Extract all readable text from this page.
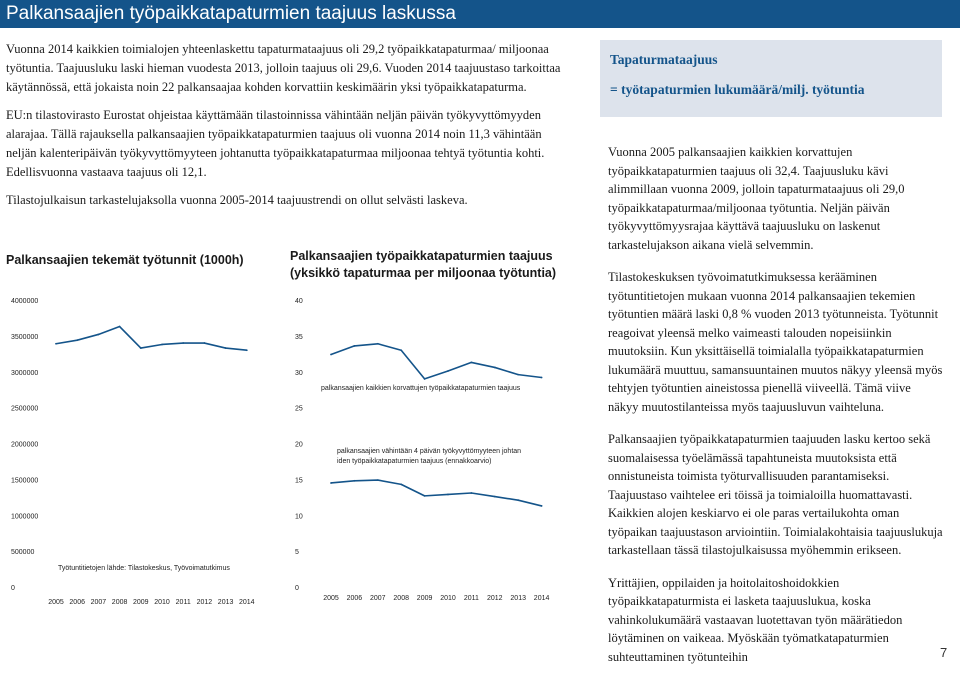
Palkansaajien työpaikkatapaturmien taajuus laskussa

Vuonna 2014 kaikkien toimialojen yhteenlaskettu tapaturmataajuus oli 29,2 työpaikkatapaturmaa/ miljoonaa työtuntia. Taajuusluku laski hieman vuodesta 2013, jolloin taajuus oli 29,6. Vuoden 2014 taajuustaso tarkoittaa käytännössä, että jokaista noin 22 palkansaajaa kohden korvattiin keskimäärin yksi työpaikkatapaturma.

EU:n tilastovirasto Eurostat ohjeistaa käyttämään tilastoinnissa vähintään neljän päivän työkyvyttömyyden alarajaa. Tällä rajauksella palkansaajien työpaikkatapaturmien taajuus oli vuonna 2014 noin 11,3 vähintään neljän kalenteripäivän työkyvyttömyyteen johtanutta työpaikkatapaturmaa miljoonaa tehtyä työtuntia kohti. Edellisvuonna vastaava taajuus oli 12,1.

Tilastojulkaisun tarkastelujaksolla vuonna 2005-2014 taajuustrendi on ollut selvästi laskeva.

Tapaturmataajuus
= työtapaturmien lukumäärä/milj. työtuntia

Vuonna 2005 palkansaajien kaikkien korvattujen työpaikkatapaturmien taajuus oli 32,4. Taajuusluku kävi alimmillaan vuonna 2009, jolloin tapaturmataajuus oli 29,0 työpaikkatapaturmaa/miljoonaa työtuntia. Neljän päivän työkyvyttömyysrajaa käyttävä taajuusluku on laskenut tarkastelujakson aikana vielä selvemmin.

Tilastokeskuksen työvoimatutkimuksessa kerääminen työtuntitietojen mukaan vuonna 2014 palkansaajien tekemien työtuntien määrä laski 0,8 % vuoden 2013 työtunneista. Työtunnit reagoivat yleensä melko vaimeasti talouden nopeisiinkin muutoksiin. Kun yksittäisellä toimialalla työpaikkatapaturmien lukumäärä muuttuu, samansuuntainen muutos näkyy yleensä myös tehtyjen työtuntien aineistossa pienellä viiveellä. Tämä viive näkyy muutostilanteissa myös taajuusluvun vaihteluna.

Palkansaajien työpaikkatapaturmien taajuuden lasku kertoo sekä suomalaisessa työelämässä tapahtuneista muutoksista että onnistuneista toimista työturvallisuuden parantamiseksi. Taajuustaso vaihtelee eri töissä ja toimialoilla huomattavasti. Kaikkien alojen keskiarvo ei ole paras vertailukohta oman työpaikan taajuustason arviointiin. Toimialakohtaisia taajuuslukuja tarkastellaan tässä tilastojulkaisussa myöhemmin erikseen.

Yrittäjien, oppilaiden ja hoitolaitoshoidokkien työpaikkatapaturmista ei lasketa taajuuslukua, koska vahinkolukumäärä vastaavan luotettavan työn määrätiedon löytäminen on vaikeaa. Myöskään työmatkatapaturmien suhteuttaminen työtunteihin

Palkansaajien tekemät työtunnit (1000h)
0
500000
1000000
1500000
2000000
2500000
3000000
3500000
4000000
2005 2006 2007 2008 2009 2010 2011 2012 2013 2014
Työtuntitietojen lähde: Tilastokeskus, Työvoimatutkimus
Palkansaajien työpaikkatapaturmien taajuus (yksikkö tapaturmaa per miljoonaa työtuntia)
0
5
10
15
20
25
30
35
40
2005 2006 2007 2008 2009 2010 2011 2012 2013 2014
palkansaajien kaikkien korvattujen työpaikkatapaturmien taajuus
palkansaajien vähintään 4 päivän työkyvyttömyyteen johtan
iden työpaikkatapaturmien taajuus (ennakkoarvio)
7
